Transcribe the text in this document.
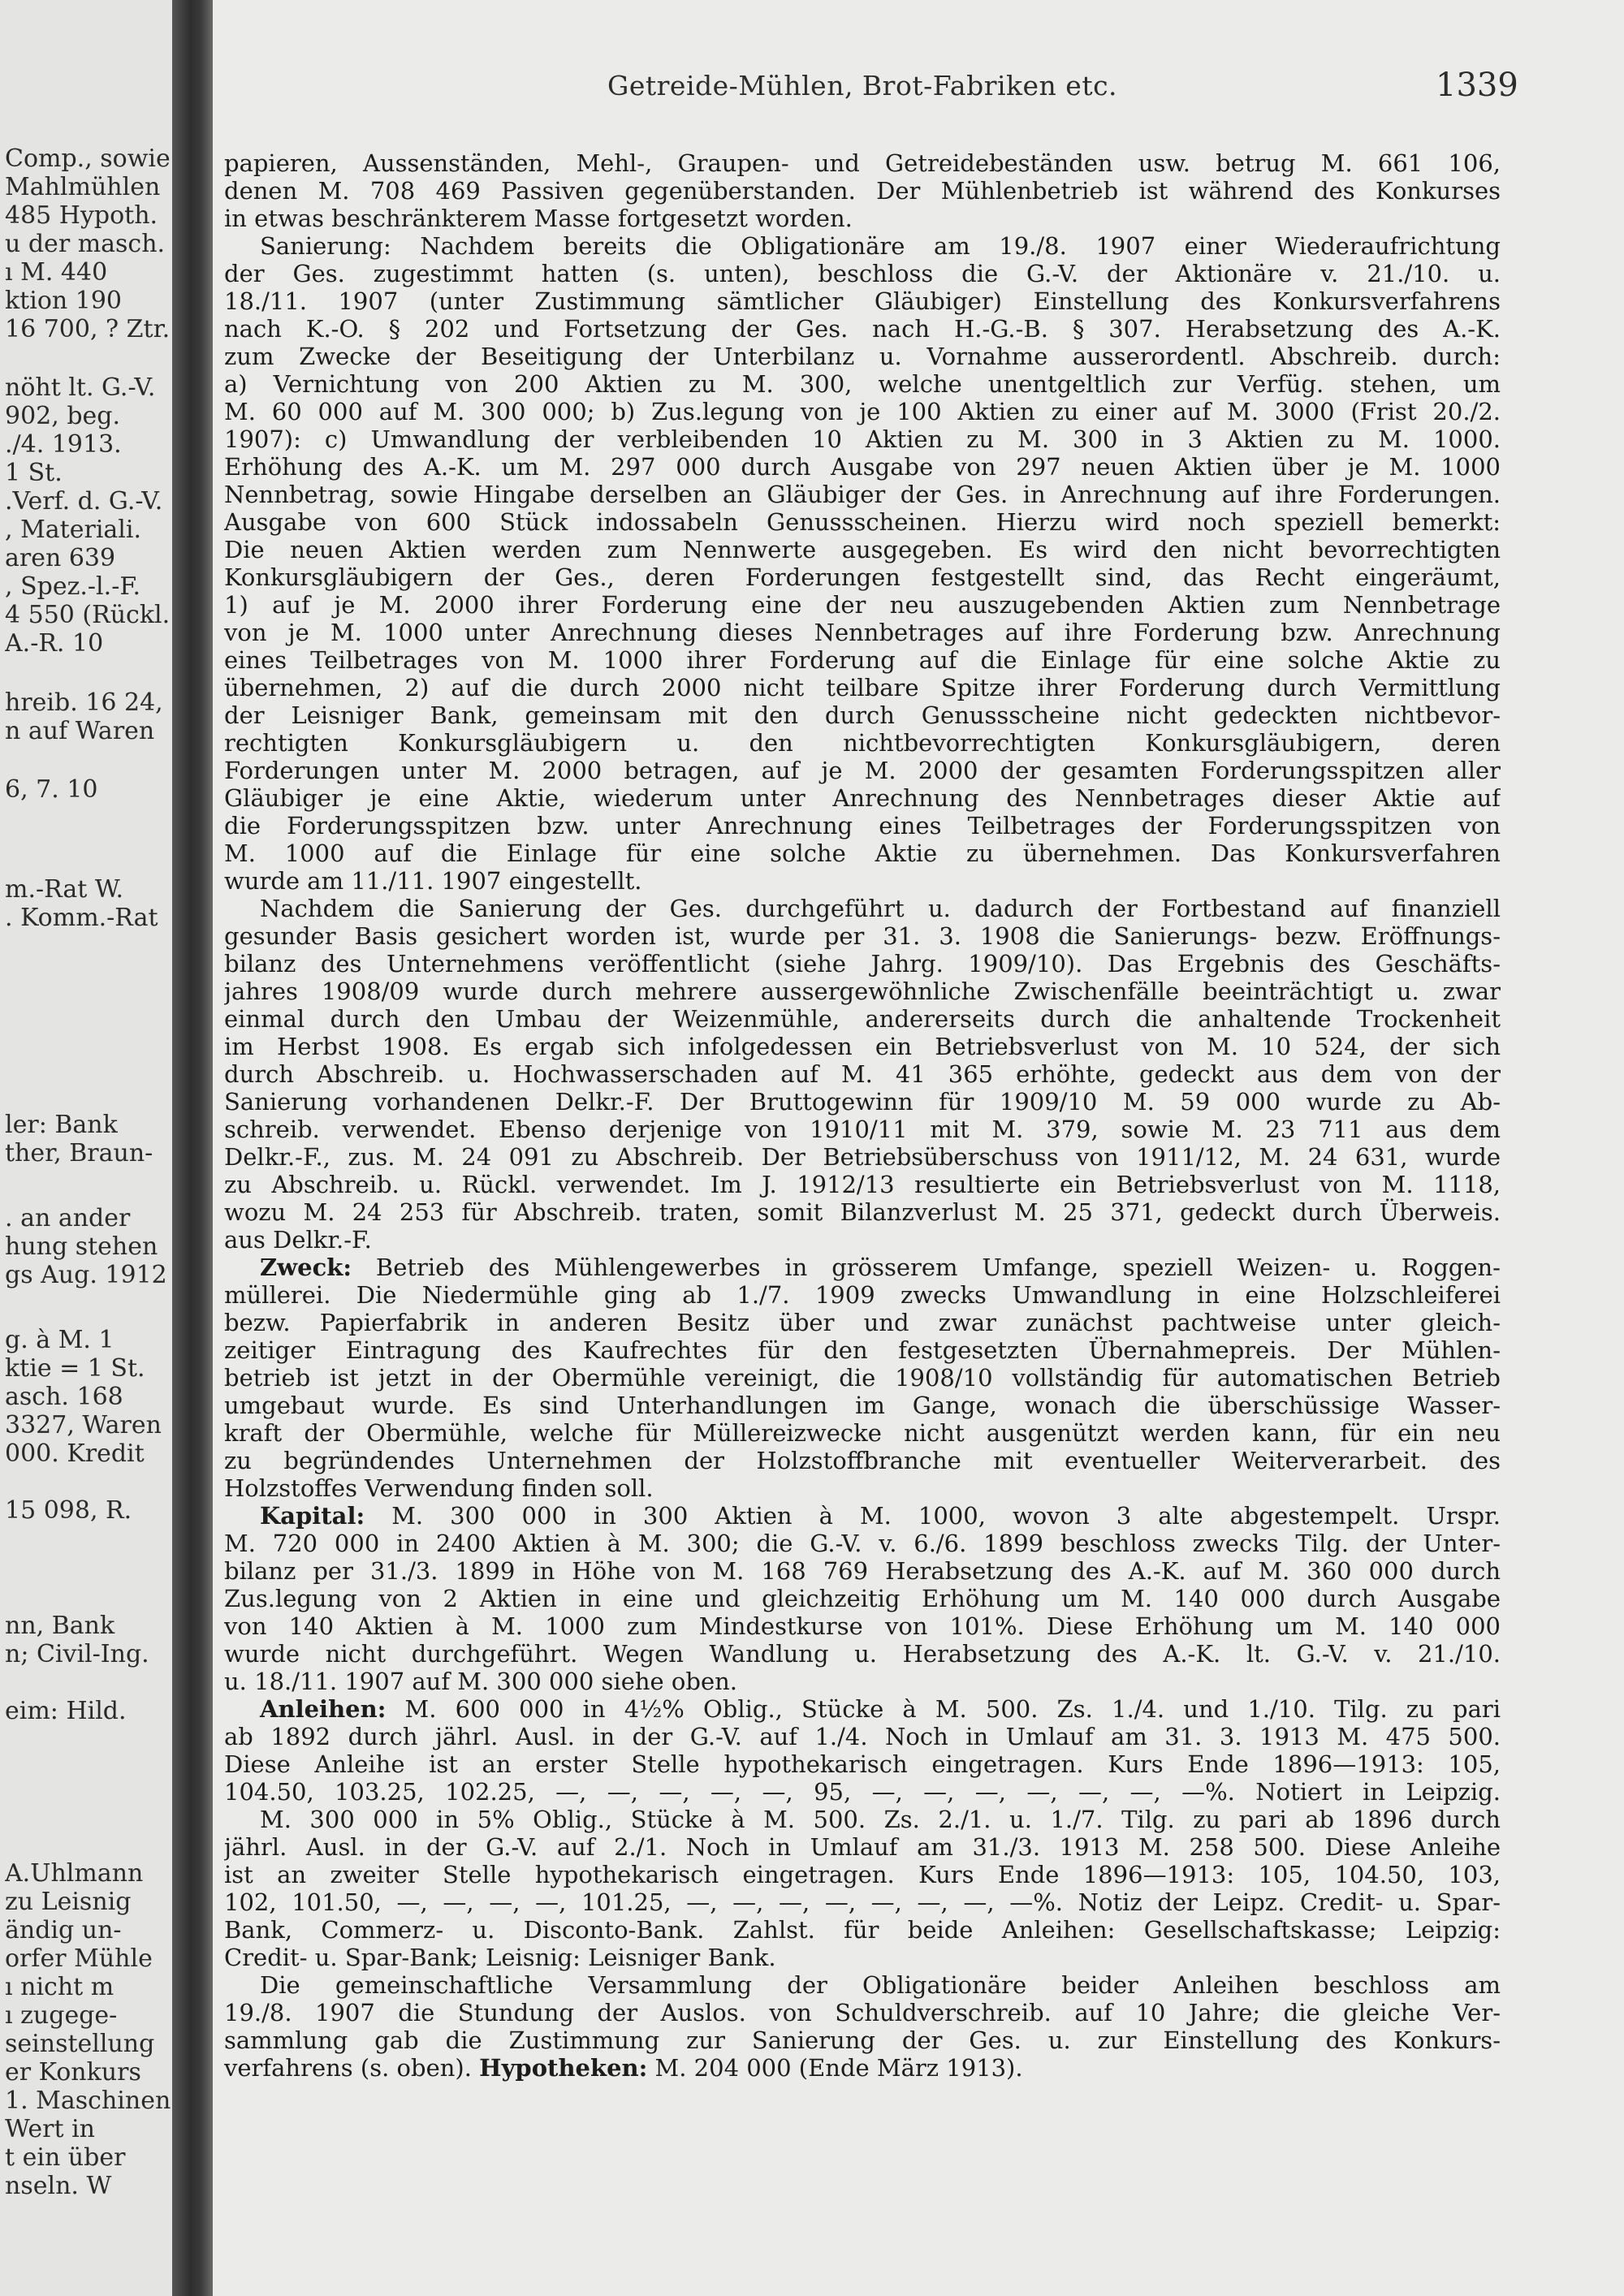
Comp., sowie
Mahlmühlen
485 Hypoth.
u der masch.
ı M. 440
ktion 190
16 700, ? Ztr.
nöht lt. G.-V.
902, beg.
./4. 1913.
1 St.
.Verf. d. G.-V.
, Materiali.
aren 639
, Spez.-l.-F.
4 550 (Rückl.
A.-R. 10
hreib. 16 24,
n auf Waren
6, 7. 10
m.-Rat W.
. Komm.-Rat
ler: Bank
ther, Braun-
. an ander
hung stehen
gs Aug. 1912
g. à M. 1
ktie = 1 St.
asch. 168
3327, Waren
000. Kredit
15 098, R.
nn, Bank
n; Civil-Ing.
eim: Hild.
A.Uhlmann
zu Leisnig
ändig un-
orfer Mühle
ı nicht m
ı zugege-
seinstellung
er Konkurs
1. Maschinen
Wert in
t ein über
nseln. W
Getreide-Mühlen, Brot-Fabriken etc.	1339
papieren, Aussenständen, Mehl-, Graupen- und Getreidebeständen usw. betrug M. 661 106,
denen M. 708 469 Passiven gegenüberstanden. Der Mühlenbetrieb ist während des Konkurses
in etwas beschränkterem Masse fortgesetzt worden.
Sanierung: Nachdem bereits die Obligationäre am 19./8. 1907 einer Wiederaufrichtung
der Ges. zugestimmt hatten (s. unten), beschloss die G.-V. der Aktionäre v. 21./10. u.
18./11. 1907 (unter Zustimmung sämtlicher Gläubiger) Einstellung des Konkursverfahrens
nach K.-O. § 202 und Fortsetzung der Ges. nach H.-G.-B. § 307. Herabsetzung des A.-K.
zum Zwecke der Beseitigung der Unterbilanz u. Vornahme ausserordentl. Abschreib. durch:
a) Vernichtung von 200 Aktien zu M. 300, welche unentgeltlich zur Verfüg. stehen, um
M. 60 000 auf M. 300 000; b) Zus.legung von je 100 Aktien zu einer auf M. 3000 (Frist 20./2.
1907): c) Umwandlung der verbleibenden 10 Aktien zu M. 300 in 3 Aktien zu M. 1000.
Erhöhung des A.-K. um M. 297 000 durch Ausgabe von 297 neuen Aktien über je M. 1000
Nennbetrag, sowie Hingabe derselben an Gläubiger der Ges. in Anrechnung auf ihre Forderungen.
Ausgabe von 600 Stück indossabeln Genussscheinen. Hierzu wird noch speziell bemerkt:
Die neuen Aktien werden zum Nennwerte ausgegeben. Es wird den nicht bevorrechtigten
Konkursgläubigern der Ges., deren Forderungen festgestellt sind, das Recht eingeräumt,
1) auf je M. 2000 ihrer Forderung eine der neu auszugebenden Aktien zum Nennbetrage
von je M. 1000 unter Anrechnung dieses Nennbetrages auf ihre Forderung bzw. Anrechnung
eines Teilbetrages von M. 1000 ihrer Forderung auf die Einlage für eine solche Aktie zu
übernehmen, 2) auf die durch 2000 nicht teilbare Spitze ihrer Forderung durch Vermittlung
der Leisniger Bank, gemeinsam mit den durch Genussscheine nicht gedeckten nichtbevor-
rechtigten Konkursgläubigern u. den nichtbevorrechtigten Konkursgläubigern, deren
Forderungen unter M. 2000 betragen, auf je M. 2000 der gesamten Forderungsspitzen aller
Gläubiger je eine Aktie, wiederum unter Anrechnung des Nennbetrages dieser Aktie auf
die Forderungsspitzen bzw. unter Anrechnung eines Teilbetrages der Forderungsspitzen von
M. 1000 auf die Einlage für eine solche Aktie zu übernehmen. Das Konkursverfahren
wurde am 11./11. 1907 eingestellt.
Nachdem die Sanierung der Ges. durchgeführt u. dadurch der Fortbestand auf finanziell
gesunder Basis gesichert worden ist, wurde per 31. 3. 1908 die Sanierungs- bezw. Eröffnungs-
bilanz des Unternehmens veröffentlicht (siehe Jahrg. 1909/10). Das Ergebnis des Geschäfts-
jahres 1908/09 wurde durch mehrere aussergewöhnliche Zwischenfälle beeinträchtigt u. zwar
einmal durch den Umbau der Weizenmühle, andererseits durch die anhaltende Trockenheit
im Herbst 1908. Es ergab sich infolgedessen ein Betriebsverlust von M. 10 524, der sich
durch Abschreib. u. Hochwasserschaden auf M. 41 365 erhöhte, gedeckt aus dem von der
Sanierung vorhandenen Delkr.-F. Der Bruttogewinn für 1909/10 M. 59 000 wurde zu Ab-
schreib. verwendet. Ebenso derjenige von 1910/11 mit M. 379, sowie M. 23 711 aus dem
Delkr.-F., zus. M. 24 091 zu Abschreib. Der Betriebsüberschuss von 1911/12, M. 24 631, wurde
zu Abschreib. u. Rückl. verwendet. Im J. 1912/13 resultierte ein Betriebsverlust von M. 1118,
wozu M. 24 253 für Abschreib. traten, somit Bilanzverlust M. 25 371, gedeckt durch Überweis.
aus Delkr.-F.
Zweck: Betrieb des Mühlengewerbes in grösserem Umfange, speziell Weizen- u. Roggen-
müllerei. Die Niedermühle ging ab 1./7. 1909 zwecks Umwandlung in eine Holzschleiferei
bezw. Papierfabrik in anderen Besitz über und zwar zunächst pachtweise unter gleich-
zeitiger Eintragung des Kaufrechtes für den festgesetzten Übernahmepreis. Der Mühlen-
betrieb ist jetzt in der Obermühle vereinigt, die 1908/10 vollständig für automatischen Betrieb
umgebaut wurde. Es sind Unterhandlungen im Gange, wonach die überschüssige Wasser-
kraft der Obermühle, welche für Müllereizwecke nicht ausgenützt werden kann, für ein neu
zu begründendes Unternehmen der Holzstoffbranche mit eventueller Weiterverarbeit. des
Holzstoffes Verwendung finden soll.
Kapital: M. 300 000 in 300 Aktien à M. 1000, wovon 3 alte abgestempelt. Urspr.
M. 720 000 in 2400 Aktien à M. 300; die G.-V. v. 6./6. 1899 beschloss zwecks Tilg. der Unter-
bilanz per 31./3. 1899 in Höhe von M. 168 769 Herabsetzung des A.-K. auf M. 360 000 durch
Zus.legung von 2 Aktien in eine und gleichzeitig Erhöhung um M. 140 000 durch Ausgabe
von 140 Aktien à M. 1000 zum Mindestkurse von 101%. Diese Erhöhung um M. 140 000
wurde nicht durchgeführt. Wegen Wandlung u. Herabsetzung des A.-K. lt. G.-V. v. 21./10.
u. 18./11. 1907 auf M. 300 000 siehe oben.
Anleihen: M. 600 000 in 4½% Oblig., Stücke à M. 500. Zs. 1./4. und 1./10. Tilg. zu pari
ab 1892 durch jährl. Ausl. in der G.-V. auf 1./4. Noch in Umlauf am 31. 3. 1913 M. 475 500.
Diese Anleihe ist an erster Stelle hypothekarisch eingetragen. Kurs Ende 1896—1913: 105,
104.50, 103.25, 102.25, —, —, —, —, —, 95, —, —, —, —, —, —, —%. Notiert in Leipzig.
M. 300 000 in 5% Oblig., Stücke à M. 500. Zs. 2./1. u. 1./7. Tilg. zu pari ab 1896 durch
jährl. Ausl. in der G.-V. auf 2./1. Noch in Umlauf am 31./3. 1913 M. 258 500. Diese Anleihe
ist an zweiter Stelle hypothekarisch eingetragen. Kurs Ende 1896—1913: 105, 104.50, 103,
102, 101.50, —, —, —, —, 101.25, —, —, —, —, —, —, —, —%. Notiz der Leipz. Credit- u. Spar-
Bank, Commerz- u. Disconto-Bank. Zahlst. für beide Anleihen: Gesellschaftskasse; Leipzig:
Credit- u. Spar-Bank; Leisnig: Leisniger Bank.
Die gemeinschaftliche Versammlung der Obligationäre beider Anleihen beschloss am
19./8. 1907 die Stundung der Auslos. von Schuldverschreib. auf 10 Jahre; die gleiche Ver-
sammlung gab die Zustimmung zur Sanierung der Ges. u. zur Einstellung des Konkurs-
verfahrens (s. oben). Hypotheken: M. 204 000 (Ende März 1913).
